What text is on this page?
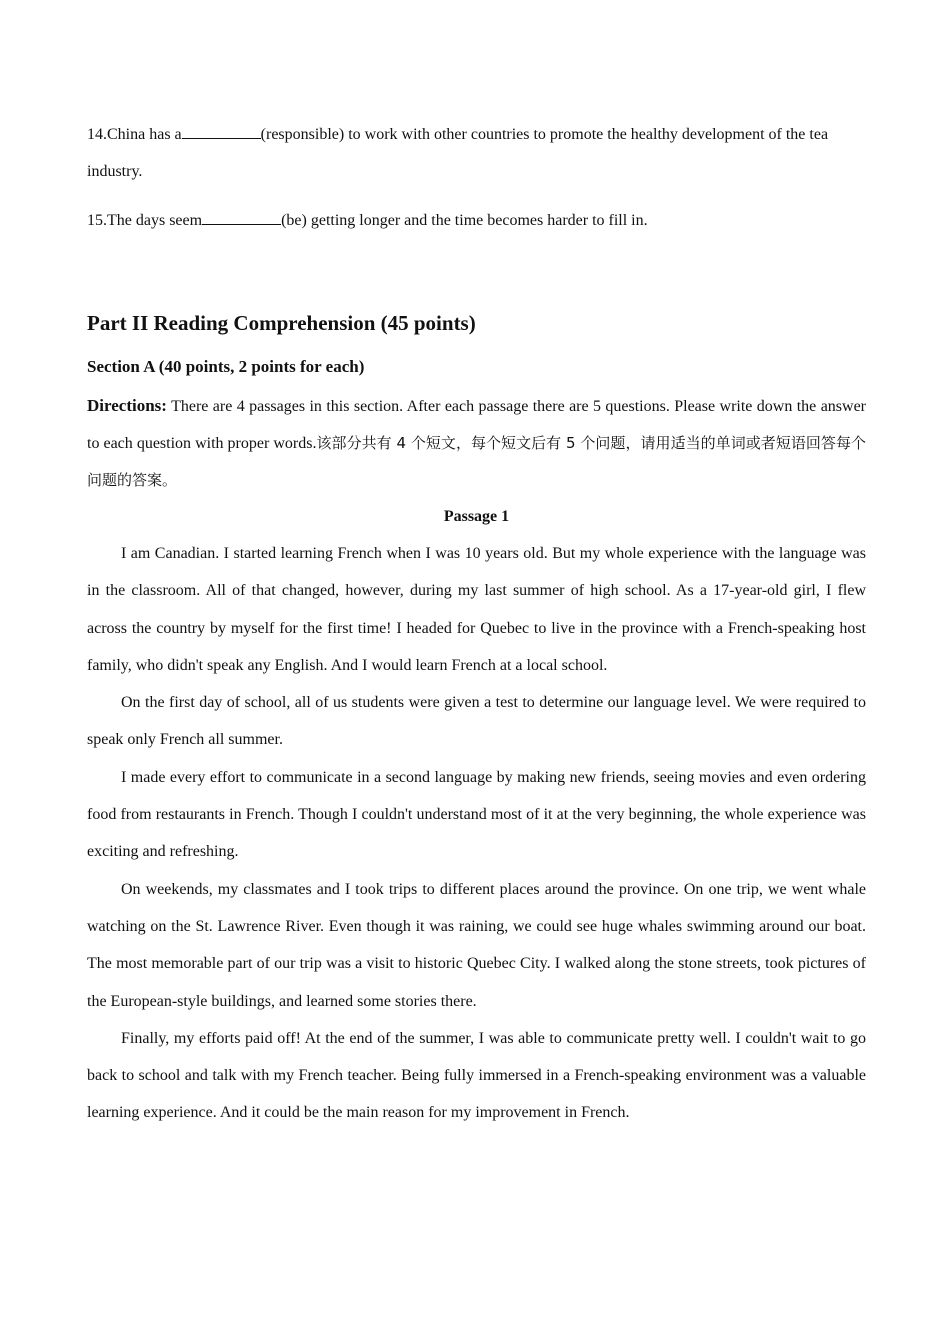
14.China has a	(responsible) to work with other countries to promote the healthy development of the tea industry.

15.The days seem	(be) getting longer and the time becomes harder to fill in.

Part II Reading Comprehension (45 points)
Section A (40 points, 2 points for each)

Directions: There are 4 passages in this section. After each passage there are 5 questions. Please write down the answer to each question with proper words.该部分共有 4 个短文，每个短文后有 5 个问题，请用适当的单词或者短语回答每个问题的答案。

Passage 1

I am Canadian. I started learning French when I was 10 years old. But my whole experience with the language was in the classroom. All of that changed, however, during my last summer of high school. As a 17-year-old girl, I flew across the country by myself for the first time! I headed for Quebec to live in the province with a French-speaking host family, who didn't speak any English. And I would learn French at a local school.

On the first day of school, all of us students were given a test to determine our language level. We were required to speak only French all summer.

I made every effort to communicate in a second language by making new friends, seeing movies and even ordering food from restaurants in French. Though I couldn't understand most of it at the very beginning, the whole experience was exciting and refreshing.

On weekends, my classmates and I took trips to different places around the province. On one trip, we went whale watching on the St. Lawrence River. Even though it was raining, we could see huge whales swimming around our boat. The most memorable part of our trip was a visit to historic Quebec City. I walked along the stone streets, took pictures of the European-style buildings, and learned some stories there.

Finally, my efforts paid off! At the end of the summer, I was able to communicate pretty well. I couldn't wait to go back to school and talk with my French teacher. Being fully immersed in a French-speaking environment was a valuable learning experience. And it could be the main reason for my improvement in French.
